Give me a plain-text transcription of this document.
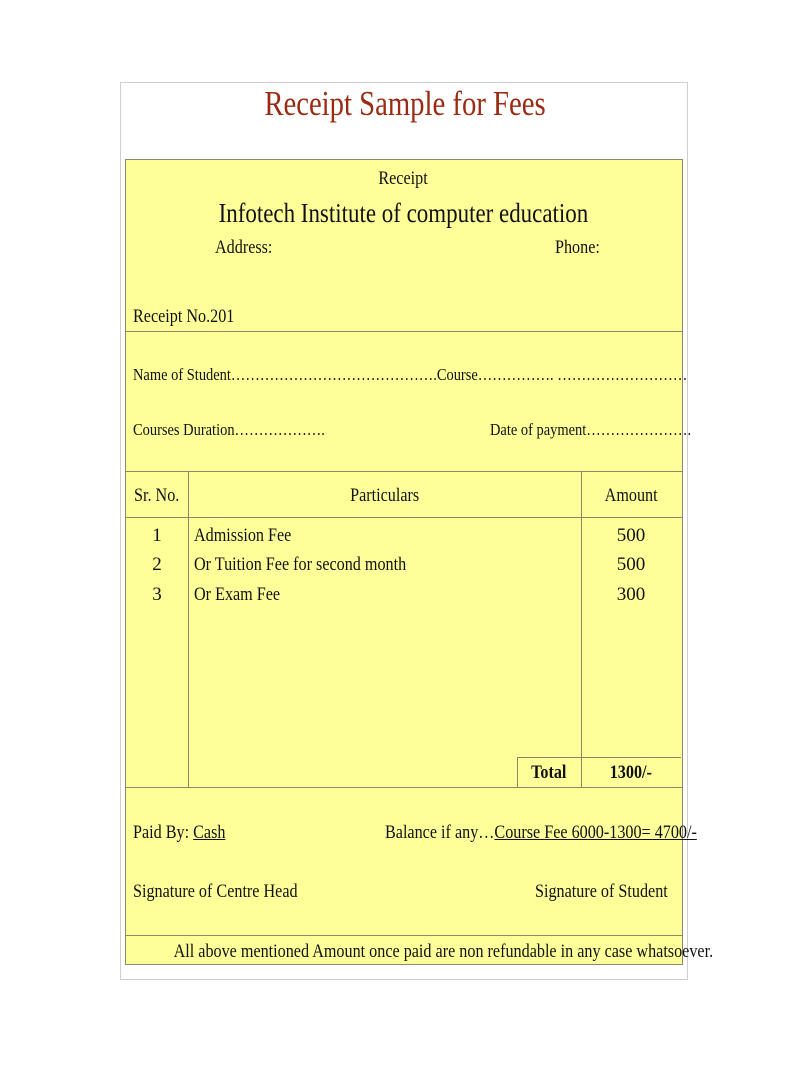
Receipt Sample for Fees
Receipt
Infotech Institute of computer education
Address:	Phone:
Receipt No.201
Name of Student…………………………………….Course……………. ………………………
Courses Duration……………….	Date of payment………………….
Sr. No.	Particulars	Amount
1	Admission Fee	500
2	Or Tuition Fee for second month	500
3	Or Exam Fee	300
Total	1300/-
Paid By: Cash	Balance if any…Course Fee 6000-1300= 4700/-
Signature of Centre Head	Signature of Student
All above mentioned Amount once paid are non refundable in any case whatsoever.
